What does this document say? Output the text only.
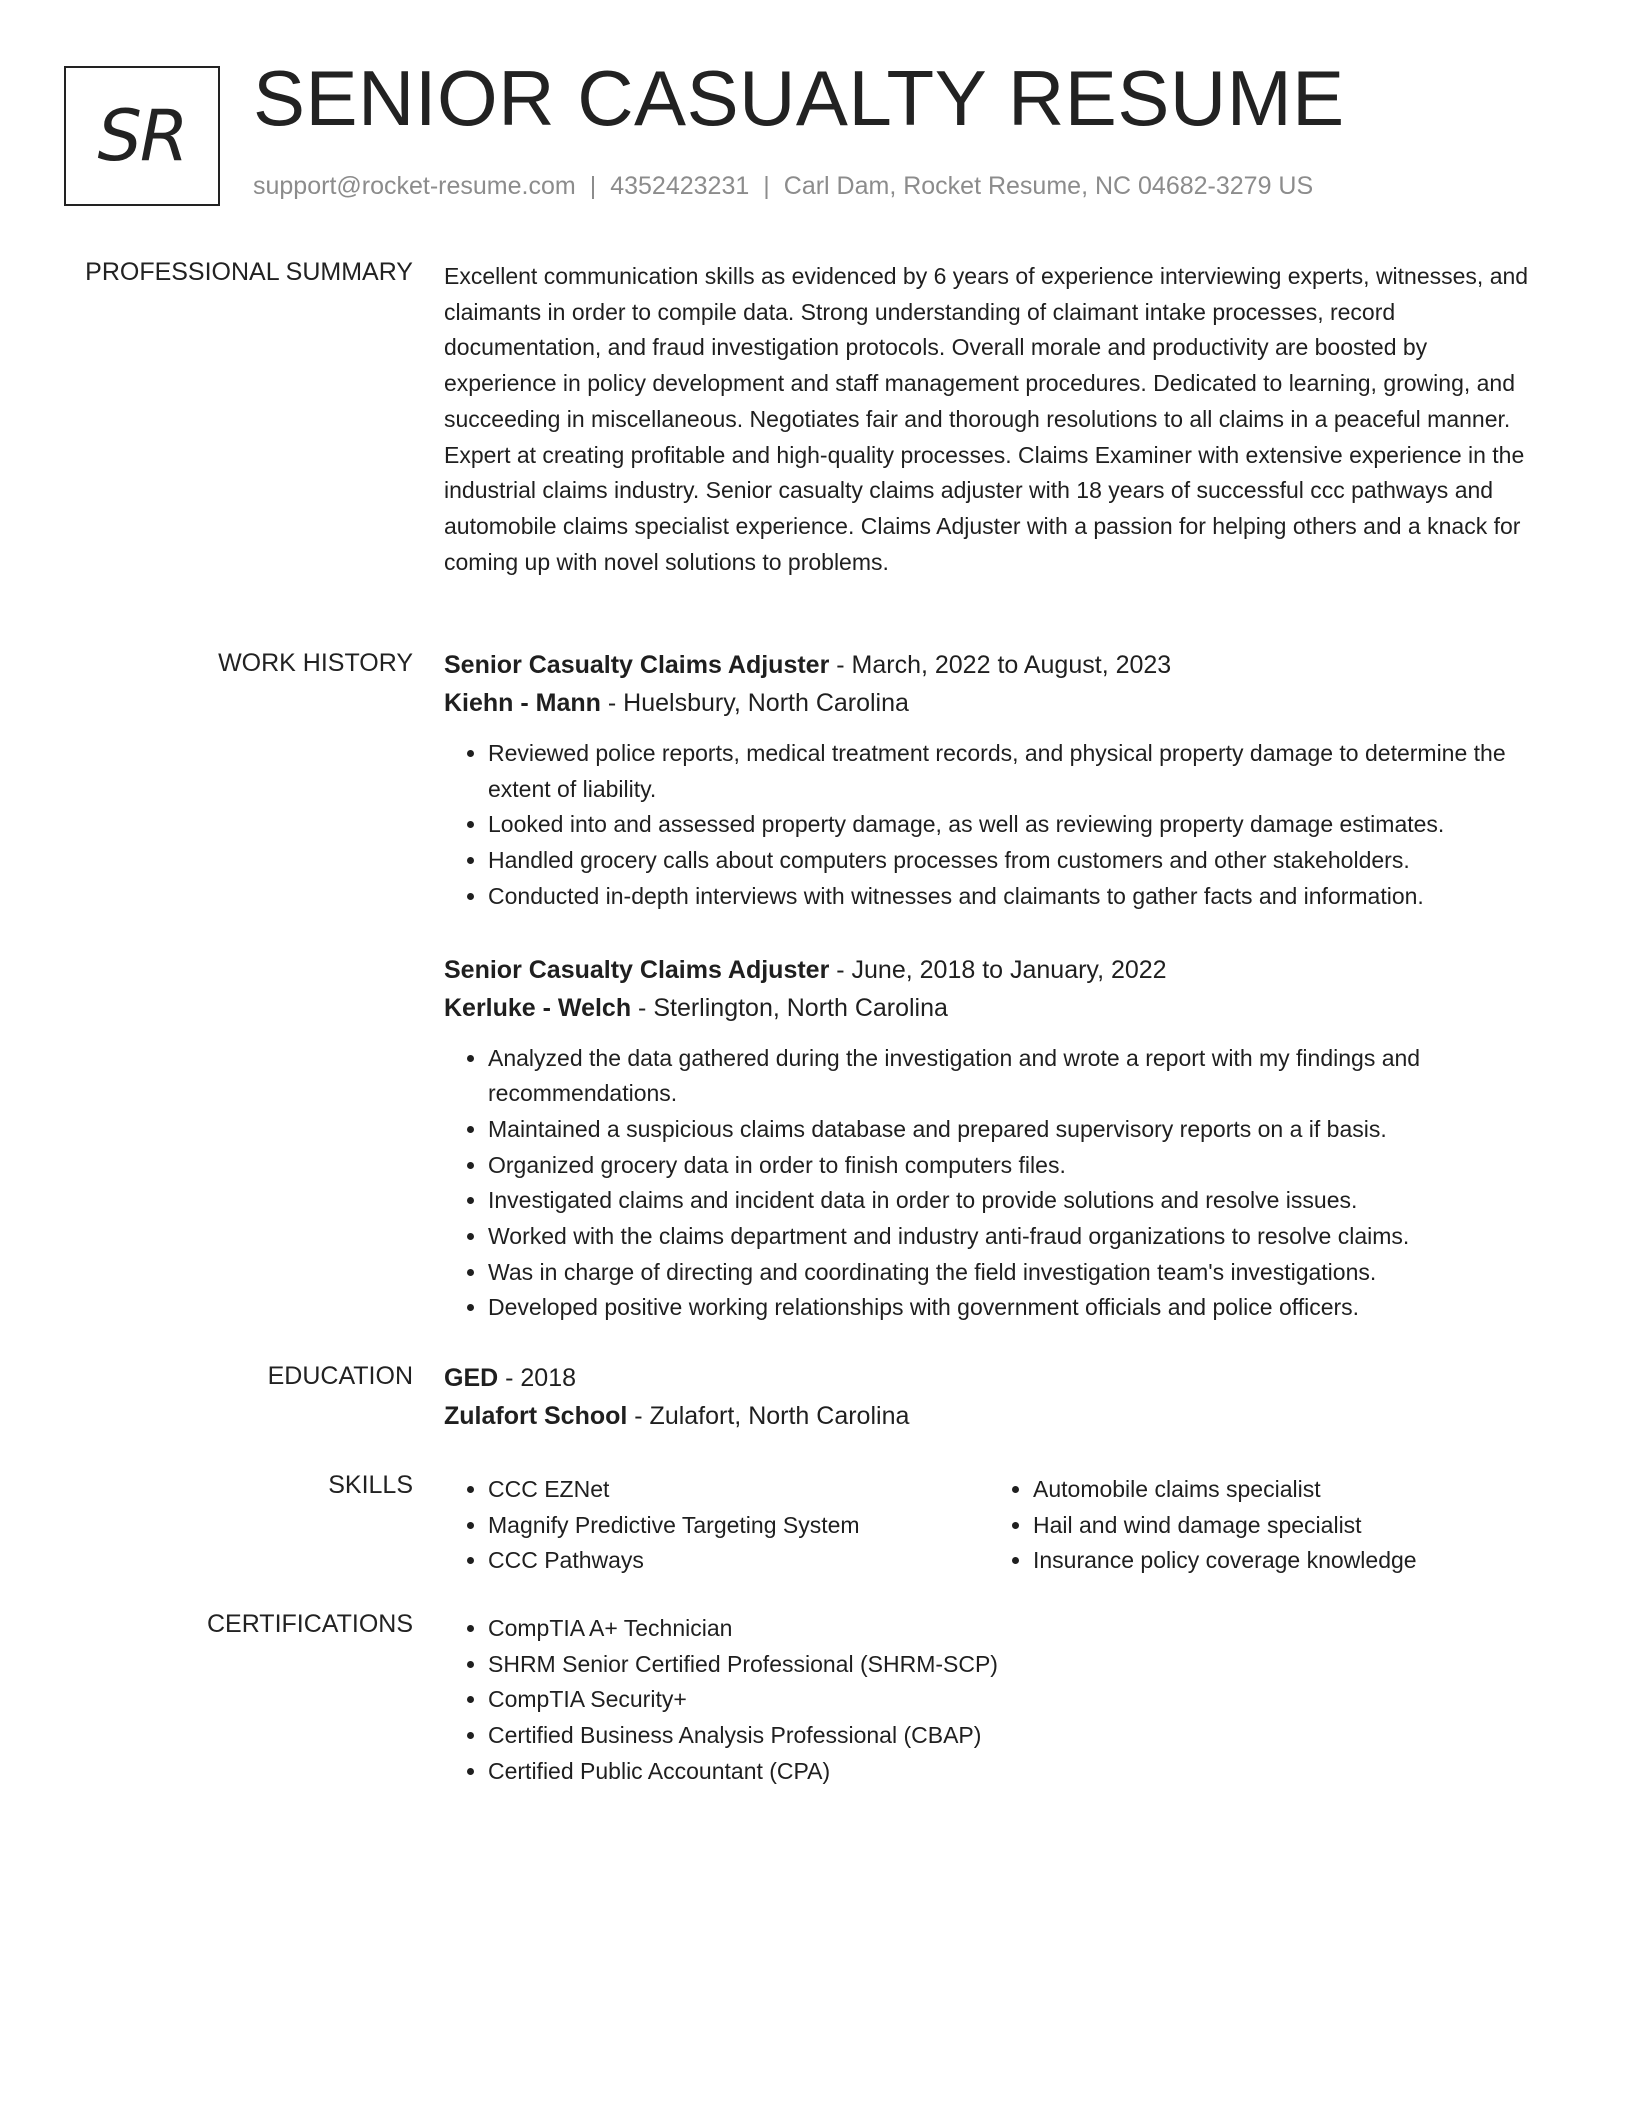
SR SENIOR CASUALTY RESUME
support@rocket-resume.com | 4352423231 | Carl Dam, Rocket Resume, NC 04682-3279 US
PROFESSIONAL SUMMARY Excellent communication skills as evidenced by 6 years of experience interviewing experts, witnesses, and claimants in order to compile data. Strong understanding of claimant intake processes, record documentation, and fraud investigation protocols. Overall morale and productivity are boosted by experience in policy development and staff management procedures. Dedicated to learning, growing, and succeeding in miscellaneous. Negotiates fair and thorough resolutions to all claims in a peaceful manner. Expert at creating profitable and high-quality processes. Claims Examiner with extensive experience in the industrial claims industry. Senior casualty claims adjuster with 18 years of successful ccc pathways and automobile claims specialist experience. Claims Adjuster with a passion for helping others and a knack for coming up with novel solutions to problems.

WORK HISTORY Senior Casualty Claims Adjuster - March, 2022 to August, 2023
Kiehn - Mann - Huelsbury, North Carolina
• Reviewed police reports, medical treatment records, and physical property damage to determine the extent of liability.
• Looked into and assessed property damage, as well as reviewing property damage estimates.
• Handled grocery calls about computers processes from customers and other stakeholders.
• Conducted in-depth interviews with witnesses and claimants to gather facts and information.
Senior Casualty Claims Adjuster - June, 2018 to January, 2022
Kerluke - Welch - Sterlington, North Carolina
• Analyzed the data gathered during the investigation and wrote a report with my findings and recommendations.
• Maintained a suspicious claims database and prepared supervisory reports on a if basis.
• Organized grocery data in order to finish computers files.
• Investigated claims and incident data in order to provide solutions and resolve issues.
• Worked with the claims department and industry anti-fraud organizations to resolve claims.
• Was in charge of directing and coordinating the field investigation team's investigations.
• Developed positive working relationships with government officials and police officers.
EDUCATION GED - 2018
Zulafort School - Zulafort, North Carolina
SKILLS	• CCC EZNet
• Magnify Predictive Targeting System
• CCC Pathways
• Automobile claims specialist
• Hail and wind damage specialist
• Insurance policy coverage knowledge
CERTIFICATIONS	• CompTIA A+ Technician
• SHRM Senior Certified Professional (SHRM-SCP)
• CompTIA Security+
• Certified Business Analysis Professional (CBAP)
• Certified Public Accountant (CPA)
